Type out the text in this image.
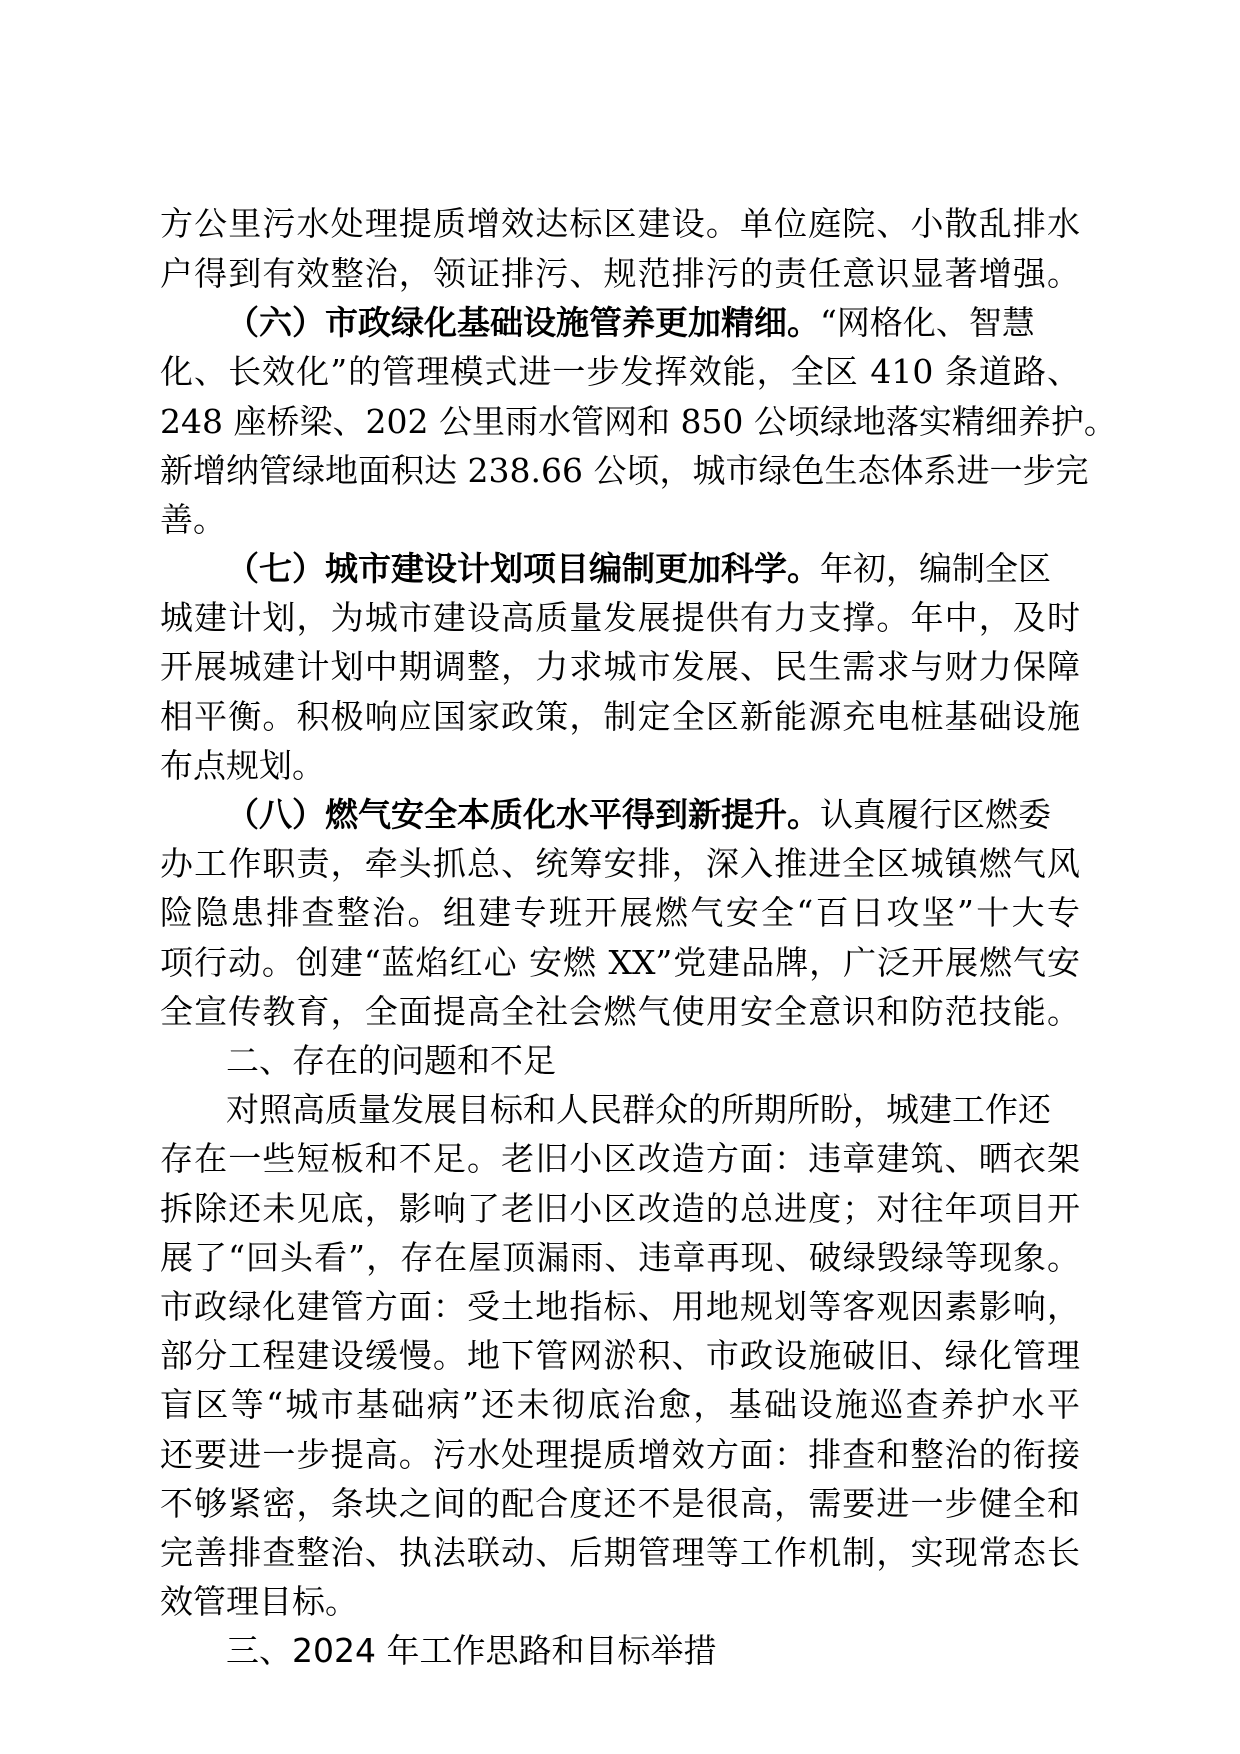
方公里污水处理提质增效达标区建设。单位庭院、小散乱排水
户得到有效整治，领证排污、规范排污的责任意识显著增强。
（六）市政绿化基础设施管养更加精细。“网格化、智慧
化、长效化”的管理模式进一步发挥效能，全区 410 条道路、
248 座桥梁、202 公里雨水管网和 850 公顷绿地落实精细养护。
新增纳管绿地面积达 238.66 公顷，城市绿色生态体系进一步完
善。
（七）城市建设计划项目编制更加科学。年初，编制全区
城建计划，为城市建设高质量发展提供有力支撑。年中，及时
开展城建计划中期调整，力求城市发展、民生需求与财力保障
相平衡。积极响应国家政策，制定全区新能源充电桩基础设施
布点规划。
（八）燃气安全本质化水平得到新提升。认真履行区燃委
办工作职责，牵头抓总、统筹安排，深入推进全区城镇燃气风
险隐患排查整治。组建专班开展燃气安全“百日攻坚”十大专
项行动。创建“蓝焰红心 安燃 XX”党建品牌，广泛开展燃气安
全宣传教育，全面提高全社会燃气使用安全意识和防范技能。
二、存在的问题和不足
对照高质量发展目标和人民群众的所期所盼，城建工作还
存在一些短板和不足。老旧小区改造方面：违章建筑、晒衣架
拆除还未见底，影响了老旧小区改造的总进度；对往年项目开
展了“回头看”，存在屋顶漏雨、违章再现、破绿毁绿等现象。
市政绿化建管方面：受土地指标、用地规划等客观因素影响，
部分工程建设缓慢。地下管网淤积、市政设施破旧、绿化管理
盲区等“城市基础病”还未彻底治愈，基础设施巡查养护水平
还要进一步提高。污水处理提质增效方面：排查和整治的衔接
不够紧密，条块之间的配合度还不是很高，需要进一步健全和
完善排查整治、执法联动、后期管理等工作机制，实现常态长
效管理目标。
三、2024 年工作思路和目标举措
